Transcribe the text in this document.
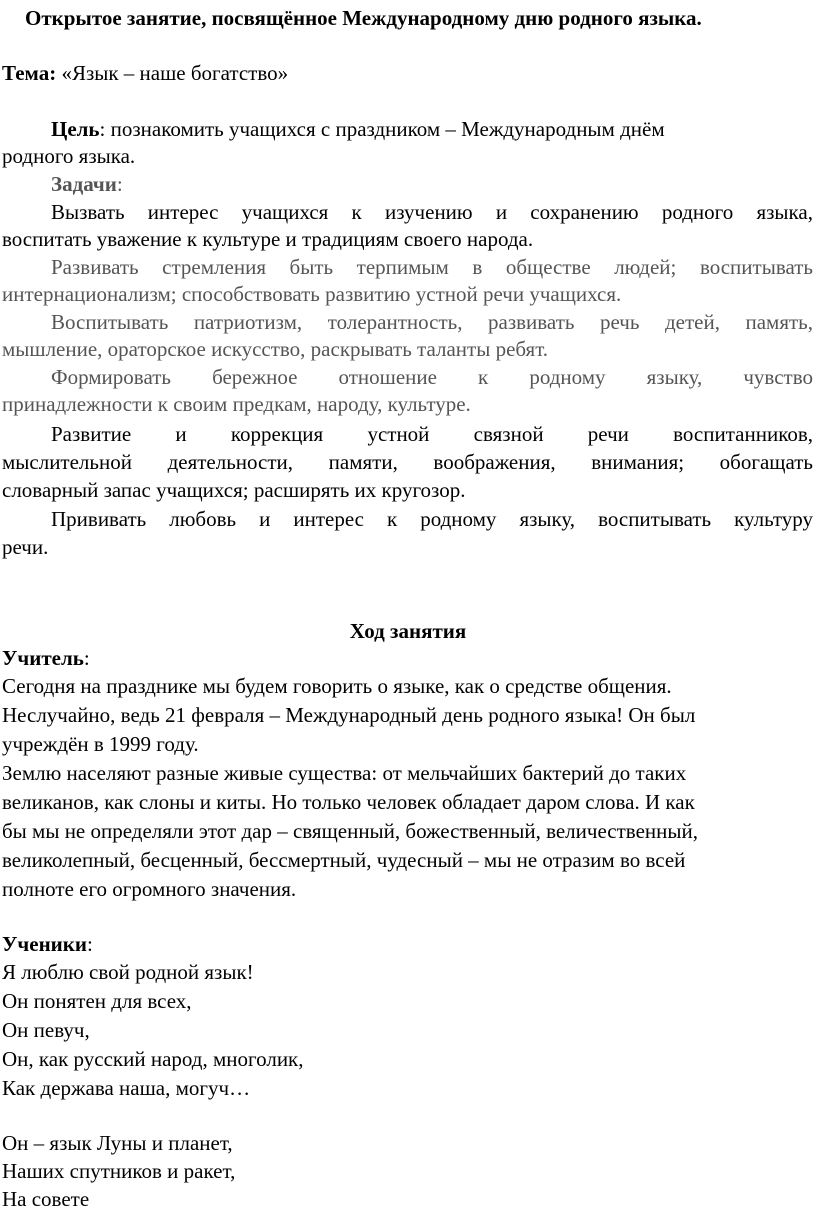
Открытое занятие, посвящённое Международному дню родного языка.
Тема: «Язык – наше богатство»
Цель: познакомить учащихся с праздником – Международным днём
родного языка.
Задачи:
Вызвать интерес учащихся к изучению и сохранению родного языка,
воспитать уважение к культуре и традициям своего народа.
Развивать стремления быть терпимым в обществе людей; воспитывать
интернационализм; способствовать развитию устной речи учащихся.
Воспитывать патриотизм, толерантность, развивать речь детей, память,
мышление, ораторское искусство, раскрывать таланты ребят.
Формировать бережное отношение к родному языку, чувство
принадлежности к своим предкам, народу, культуре.
Развитие и коррекция устной связной речи воспитанников,
мыслительной деятельности, памяти, воображения, внимания; обогащать
словарный запас учащихся; расширять их кругозор.
Прививать любовь и интерес к родному языку, воспитывать культуру
речи.
Ход занятия
Учитель:
Сегодня на празднике мы будем говорить о языке, как о средстве общения.
Неслучайно, ведь 21 февраля – Международный день родного языка! Он был
учреждён в 1999 году.
Землю населяют разные живые существа: от мельчайших бактерий до таких
великанов, как слоны и киты. Но только человек обладает даром слова. И как
бы мы не определяли этот дар – священный, божественный, величественный,
великолепный, бесценный, бессмертный, чудесный – мы не отразим во всей
полноте его огромного значения.
Ученики:
Я люблю свой родной язык!
Он понятен для всех,
Он певуч,
Он, как русский народ, многолик,
Как держава наша, могуч…
Он – язык Луны и планет,
Наших спутников и ракет,
На совете
